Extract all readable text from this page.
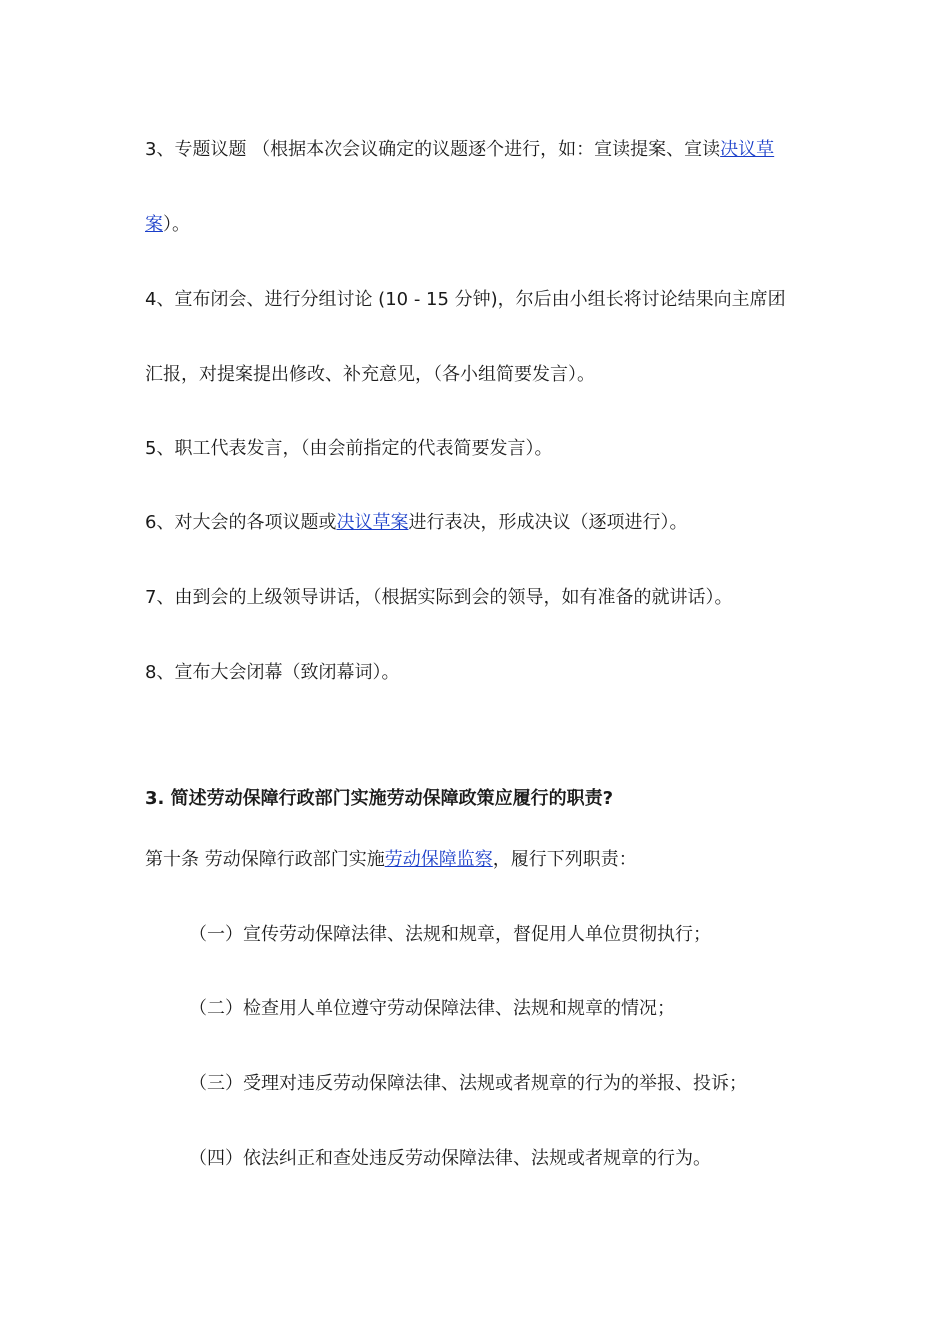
3、专题议题 （根据本次会议确定的议题逐个进行，如：宣读提案、宣读决议草
案）。
4、宣布闭会、进行分组讨论 (10 - 15 分钟)，尔后由小组长将讨论结果向主席团
汇报，对提案提出修改、补充意见，（各小组简要发言）。
5、职工代表发言，（由会前指定的代表简要发言）。
6、对大会的各项议题或决议草案进行表决，形成决议（逐项进行）。
7、由到会的上级领导讲话，（根据实际到会的领导，如有准备的就讲话）。
8、宣布大会闭幕（致闭幕词）。
3. 简述劳动保障行政部门实施劳动保障政策应履行的职责?
第十条 劳动保障行政部门实施劳动保障监察，履行下列职责：
（一）宣传劳动保障法律、法规和规章，督促用人单位贯彻执行；
（二）检查用人单位遵守劳动保障法律、法规和规章的情况；
（三）受理对违反劳动保障法律、法规或者规章的行为的举报、投诉；
（四）依法纠正和查处违反劳动保障法律、法规或者规章的行为。
